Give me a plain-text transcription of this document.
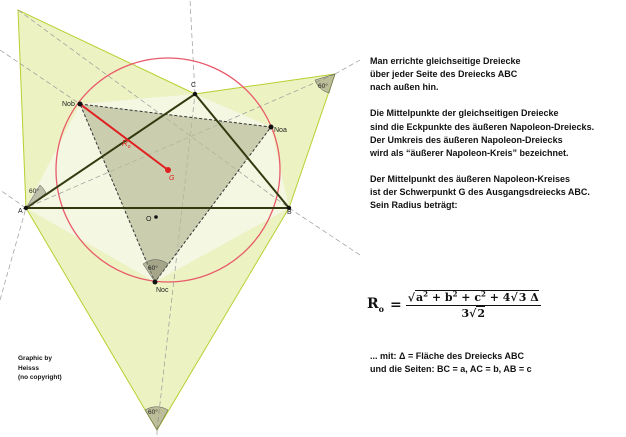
A	B
C
Nob
Noa
Noc
O
G
$R_o$
60°
60°
60°
60°

Man errichte gleichseitige Dreiecke
über jeder Seite des Dreiecks ABC
nach außen hin.

Die Mittelpunkte der gleichseitigen Dreiecke
sind die Eckpunkte des äußeren Napoleon-Dreiecks.
Der Umkreis des äußeren Napoleon-Dreiecks
wird als “äußerer Napoleon-Kreis” bezeichnet.

Der Mittelpunkt des äußeren Napoleon-Kreises
ist der Schwerpunkt G des Ausgangsdreiecks ABC.
Sein Radius beträgt:

$R_o = \frac{√a^2 + b^2 + c^2 + 4√3 \Delta}{3√2}$
... mit: Δ = Fläche des Dreiecks ABC
und die Seiten: BC = a, AC = b, AB = c
Graphic by
Heisss
(no copyright)
